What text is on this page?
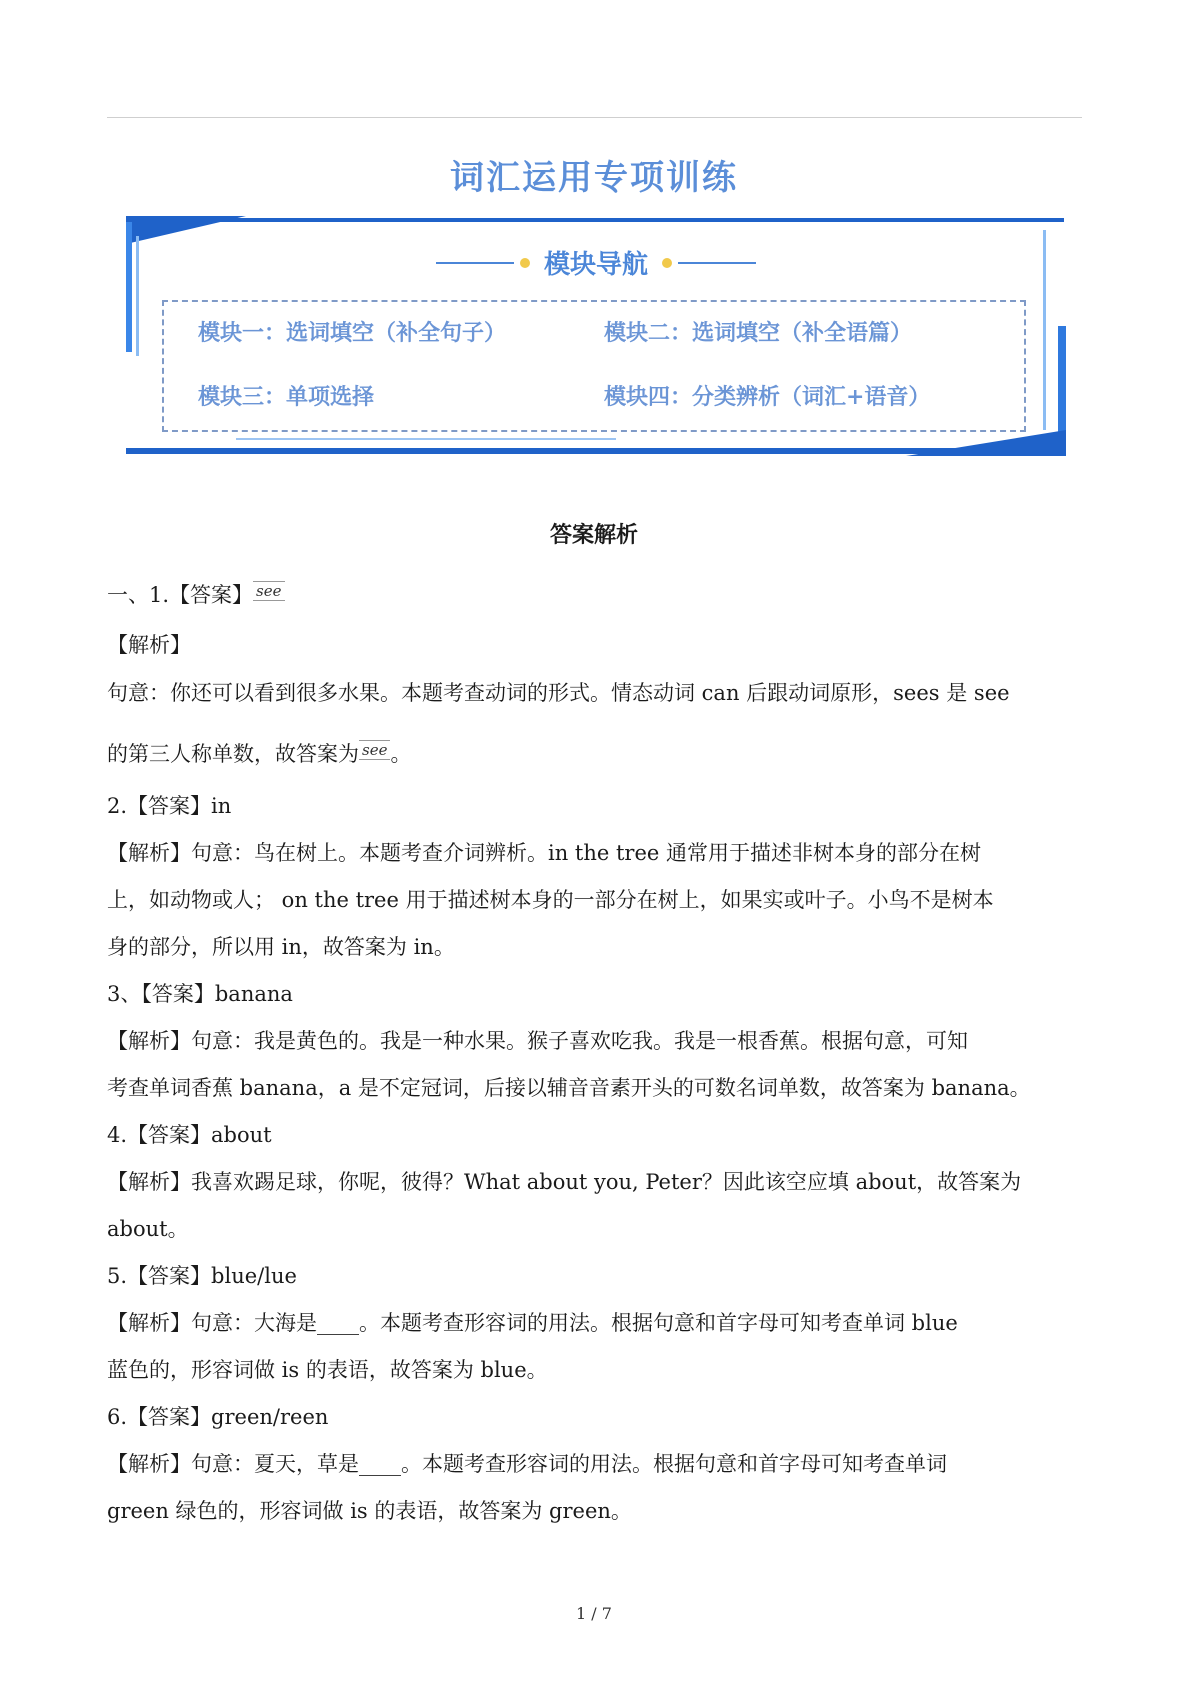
词汇运用专项训练
模块导航
模块一：选词填空（补全句子）	模块二：选词填空（补全语篇）
模块三：单项选择	模块四：分类辨析（词汇+语音）
答案解析
一、1.【答案】 see
【解析】
句意：你还可以看到很多水果。本题考查动词的形式。情态动词 can 后跟动词原形，sees 是 see
的第三人称单数，故答案为 see 。
2.【答案】in
【解析】句意：鸟在树上。本题考查介词辨析。in the tree 通常用于描述非树本身的部分在树
上，如动物或人； on the tree 用于描述树本身的一部分在树上，如果实或叶子。小鸟不是树本
身的部分，所以用 in，故答案为 in。
3、【答案】banana
【解析】句意：我是黄色的。我是一种水果。猴子喜欢吃我。我是一根香蕉。根据句意，可知
考查单词香蕉 banana，a 是不定冠词，后接以辅音音素开头的可数名词单数，故答案为 banana。
4.【答案】about
【解析】我喜欢踢足球，你呢，彼得？What about you, Peter？因此该空应填 about，故答案为
about。
5.【答案】blue/lue
【解析】句意：大海是____。本题考查形容词的用法。根据句意和首字母可知考查单词 blue
蓝色的，形容词做 is 的表语，故答案为 blue。
6.【答案】green/reen
【解析】句意：夏天，草是____。本题考查形容词的用法。根据句意和首字母可知考查单词
green 绿色的，形容词做 is 的表语，故答案为 green。
1 / 7
